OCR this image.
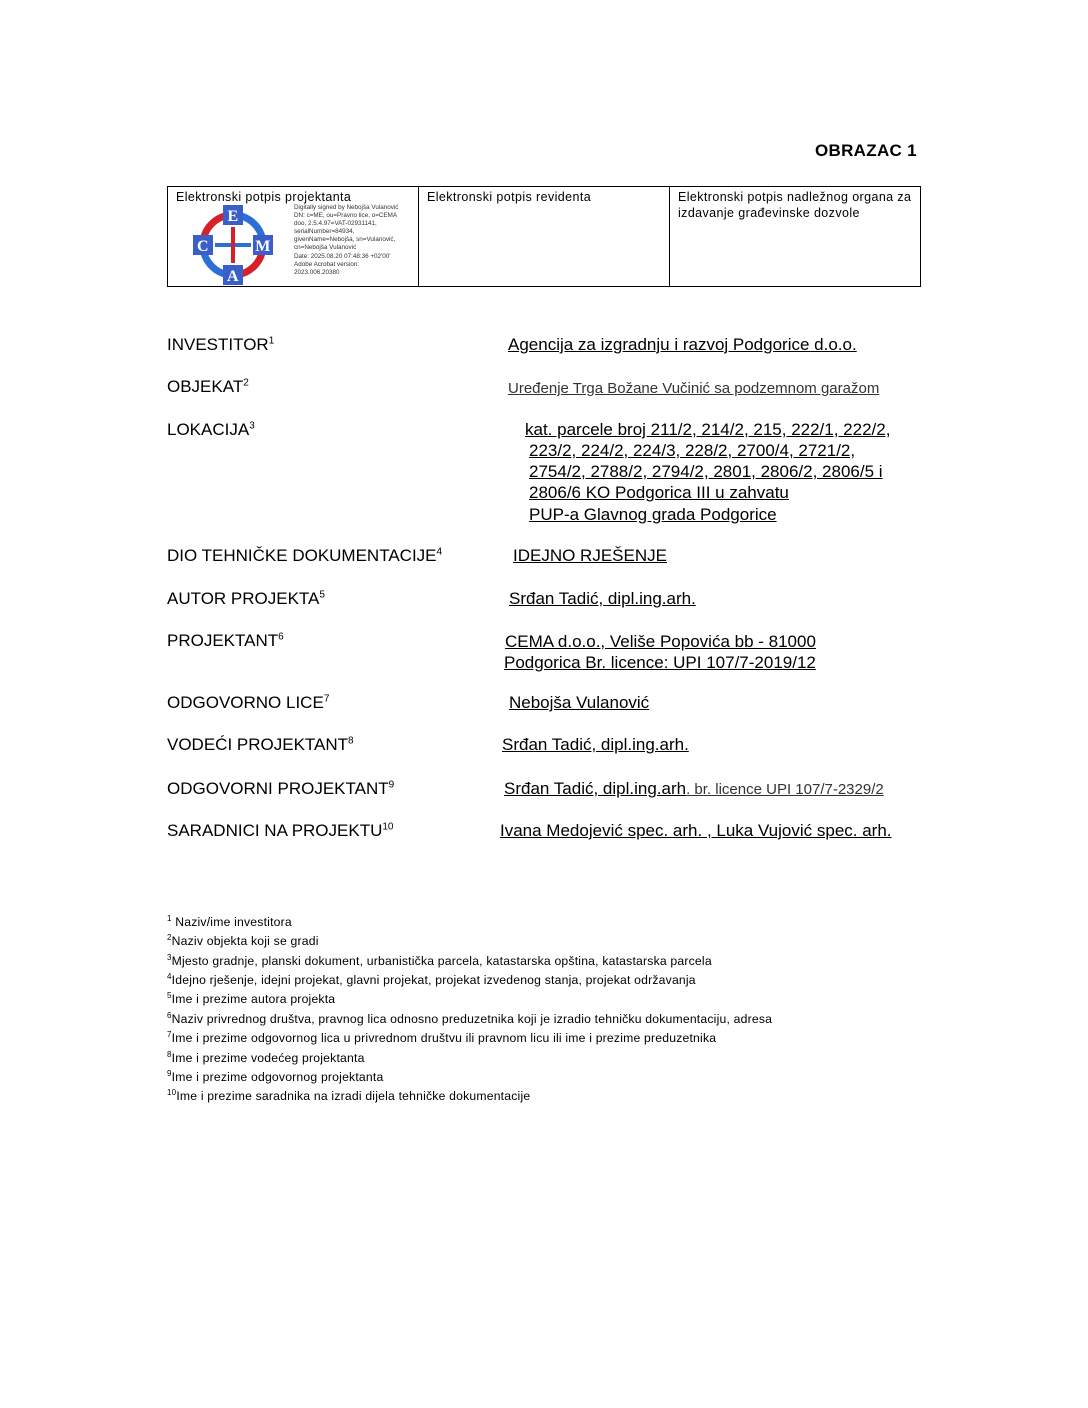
OBRAZAC 1
Elektronski potpis projektanta
E
C	M
A
Digitally signed by Nebojša Vulanović
DN: c=ME, ou=Pravno lice, o=CEMA
doo, 2.5.4.97=VAT-02931141,
serialNumber=84934,
givenName=Nebojša, sn=Vulanović,
cn=Nebojša Vulanović
Date: 2025.08.20 07:48:36 +02'00'
Adobe Acrobat version:
2023.006.20380
Elektronski potpis revidenta	Elektronski potpis nadležnog organa za
izdavanje građevinske dozvole
INVESTITOR$^1$	Agencija za izgradnju i razvoj Podgorice d.o.o.
OBJEKAT$^2$	Uređenje Trga Božane Vučinić sa podzemnom garažom
LOKACIJA$^3$	kat. parcele broj 211/2, 214/2, 215, 222/1, 222/2,
223/2, 224/2, 224/3, 228/2, 2700/4, 2721/2,
2754/2, 2788/2, 2794/2, 2801, 2806/2, 2806/5 i
2806/6 KO Podgorica III u zahvatu
PUP-a Glavnog grada Podgorice
DIO TEHNIČKE DOKUMENTACIJE$^4$	IDEJNO RJEŠENJE
AUTOR PROJEKTA$^5$	Srđan Tadić, dipl.ing.arh.
PROJEKTANT$^6$	CEMA d.o.o., Veliše Popovića bb - 81000
Podgorica Br. licence: UPI 107/7-2019/12
ODGOVORNO LICE$^7$	Nebojša Vulanović
VODEĆI PROJEKTANT$^8$	Srđan Tadić, dipl.ing.arh.
ODGOVORNI PROJEKTANT$^9$	Srđan Tadić, dipl.ing.arh. br. licence UPI 107/7-2329/2
SARADNICI NA PROJEKTU$^{10}$	Ivana Medojević spec. arh. , Luka Vujović spec. arh.
$^1$ Naziv/ime investitora
$^2$Naziv objekta koji se gradi
$^3$Mjesto gradnje, planski dokument, urbanistička parcela, katastarska opština, katastarska parcela
$^4$Idejno rješenje, idejni projekat, glavni projekat, projekat izvedenog stanja, projekat održavanja
$^5$Ime i prezime autora projekta
$^6$Naziv privrednog društva, pravnog lica odnosno preduzetnika koji je izradio tehničku dokumentaciju, adresa
$^7$Ime i prezime odgovornog lica u privrednom društvu ili pravnom licu ili ime i prezime preduzetnika
$^8$Ime i prezime vodećeg projektanta
$^9$Ime i prezime odgovornog projektanta
$^{10}$Ime i prezime saradnika na izradi dijela tehničke dokumentacije
